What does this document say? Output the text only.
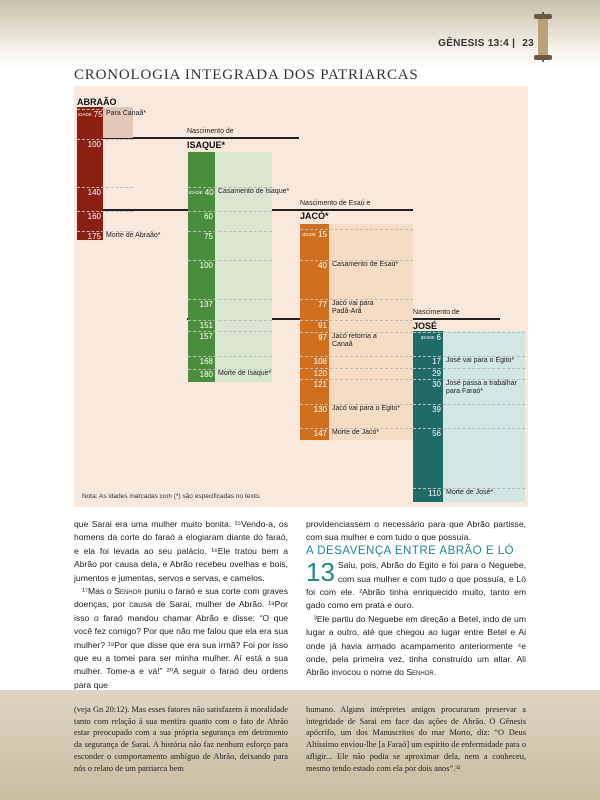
GÊNESIS 13:4 | 23
CRONOLOGIA INTEGRADA DOS PATRIARCAS
ABRAÃO
Nascimento de
ISAQUE*
Nascimento de Esaú e
JACÓ*
Nascimento de
JOSÉ
IDADE 75
100
140
160
175
Para Canaã*
Morte de Abraão*
IDADE 40
60
75
100
137
151
157
168
180
Casamento de Isaque*
Morte de Isaque*
IDADE 15
40
77
91
97
108
120
121
130
147
Casamento de Esaú*
Jacó vai para Padã-Arã
Jacó retorna a Canaã
Jacó vai para o Egito*
Morte de Jacó*
IDADE 6
17
29
30
39
56
110
José vai para o Egito*
José passa a trabalhar para Faraó*
Morte de José*
Nota: As idades marcadas com (*) são especificadas no texto.

que Sarai era uma mulher muito bonita. ¹⁵Vendo-a, os homens da corte do faraó a elogiaram diante do faraó, e ela foi levada ao seu palácio. ¹⁶Ele tratou bem a Abrão por causa dela, e Abrão recebeu ovelhas e bois, jumentos e jumentas, servos e servas, e camelos.

¹⁷Mas o Senhor puniu o faraó e sua corte com graves doenças, por causa de Sarai, mulher de Abrão. ¹⁸Por isso o faraó mandou chamar Abrão e disse: “O que você fez comigo? Por que não me falou que ela era sua mulher? ¹⁹Por que disse que era sua irmã? Foi por isso que eu a tomei para ser minha mulher. Aí está a sua mulher. Tome-a e vá!” ²⁰A seguir o faraó deu ordens para que

providenciassem o necessário para que Abrão partisse, com sua mulher e com tudo o que possuía.

A DESAVENÇA ENTRE ABRÃO E LÓ

13 Saiu, pois, Abrão do Egito e foi para o Neguebe, com sua mulher e com tudo o que possuía, e Ló foi com ele. ²Abrão tinha enriquecido muito, tanto em gado como em prata e ouro.

³Ele partiu do Neguebe em direção a Betel, indo de um lugar a outro, até que chegou ao lugar entre Betel e Ai onde já havia armado acampamento anteriormente ⁴e onde, pela primeira vez, tinha construído um altar. Ali Abrão invocou o nome do Senhor.

(veja Gn 20:12). Mas esses fatores não satisfazem à moralidade tanto com relação à sua mentira quanto com o fato de Abrão estar preocupado com a sua própria segurança em detrimento da segurança de Sarai. A história não faz nenhum esforço para esconder o comportamento ambíguo de Abrão, deixando para nós o relato de um patriarca bem
humano. Alguns intérpretes antigos procuraram preservar a integridade de Sarai em face das ações de Abrão. O Gênesis apócrifo, um dos Manuscritos do mar Morto, diz: “O Deus Altíssimo enviou-lhe [a Faraó] um espírito de enfermidade para o afligir... Ele não podia se aproximar dela, nem a conheceu, mesmo tendo estado com ela por dois anos”.³²
